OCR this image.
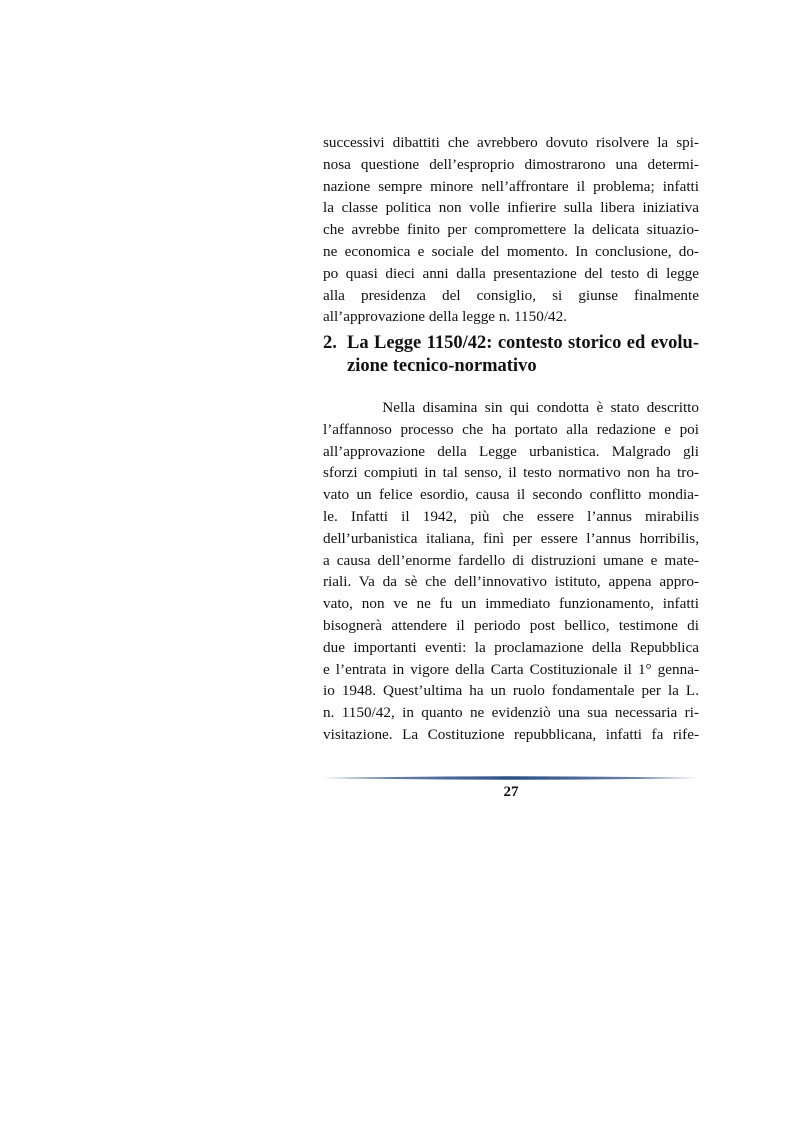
successivi dibattiti che avrebbero dovuto risolvere la spi-
nosa questione dell’esproprio dimostrarono una determi-
nazione sempre minore nell’affrontare il problema; infatti
la classe politica non volle infierire sulla libera iniziativa
che avrebbe finito per compromettere la delicata situazio-
ne economica e sociale del momento. In conclusione, do-
po quasi dieci anni dalla presentazione del testo di legge
alla presidenza del consiglio, si giunse finalmente
all’approvazione della legge n. 1150/42.
2. La Legge 1150/42: contesto storico ed evolu-
zione tecnico-normativo
Nella disamina sin qui condotta è stato descritto
l’affannoso processo che ha portato alla redazione e poi
all’approvazione della Legge urbanistica. Malgrado gli
sforzi compiuti in tal senso, il testo normativo non ha tro-
vato un felice esordio, causa il secondo conflitto mondia-
le. Infatti il 1942, più che essere l’annus mirabilis
dell’urbanistica italiana, finì per essere l’annus horribilis,
a causa dell’enorme fardello di distruzioni umane e mate-
riali. Va da sè che dell’innovativo istituto, appena appro-
vato, non ve ne fu un immediato funzionamento, infatti
bisognerà attendere il periodo post bellico, testimone di
due importanti eventi: la proclamazione della Repubblica
e l’entrata in vigore della Carta Costituzionale il 1° genna-
io 1948. Quest’ultima ha un ruolo fondamentale per la L.
n. 1150/42, in quanto ne evidenziò una sua necessaria ri-
visitazione. La Costituzione repubblicana, infatti fa rife-
27
